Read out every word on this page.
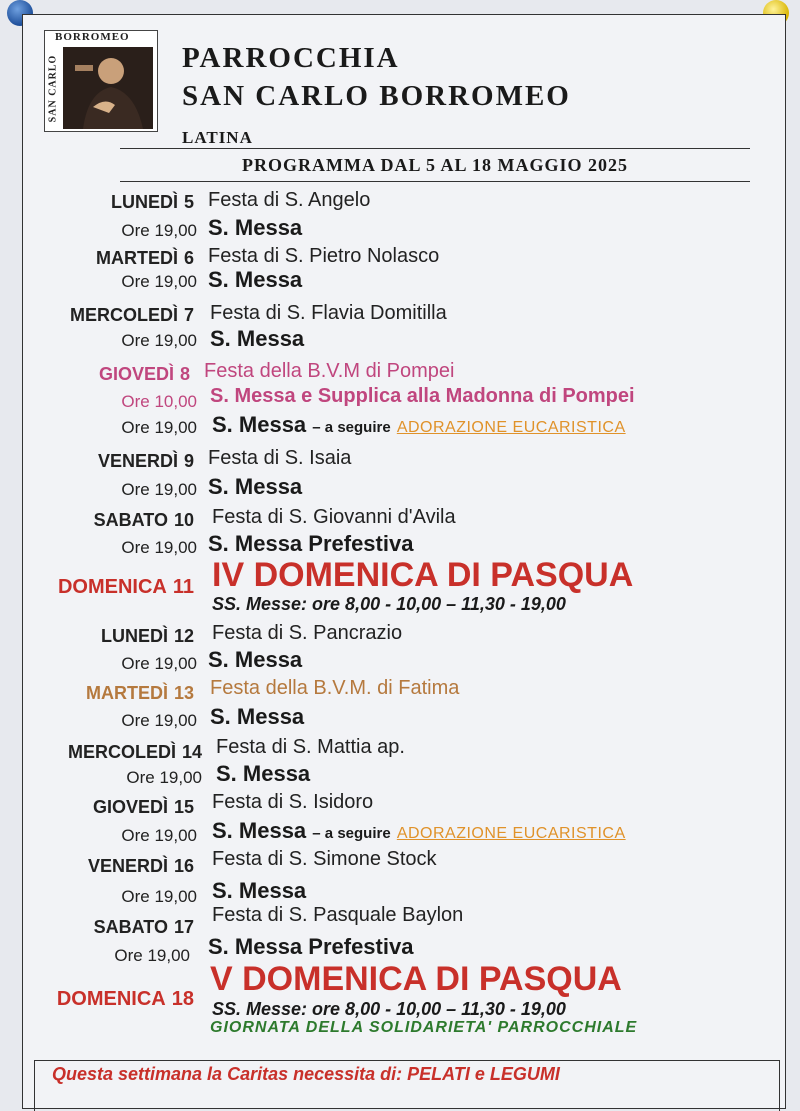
BORROMEO
SAN CARLO	PARROCCHIA
SAN CARLO BORROMEO
LATINA
PROGRAMMA DAL 5 AL 18 MAGGIO 2025
LUNEDÌ 5 Festa di S. Angelo
Ore 19,00 S. Messa
MARTEDÌ 6 Festa di S. Pietro Nolasco
Ore 19,00 S. Messa
MERCOLEDÌ 7 Festa di S. Flavia Domitilla
Ore 19,00 S. Messa
GIOVEDÌ 8 Festa della B.V.M di Pompei
Ore 10,00 S. Messa e Supplica alla Madonna di Pompei
Ore 19,00 S. Messa – a seguire ADORAZIONE EUCARISTICA
VENERDÌ 9 Festa di S. Isaia
Ore 19,00 S. Messa
SABATO 10 Festa di S. Giovanni d'Avila
Ore 19,00 S. Messa Prefestiva
DOMENICA 11 IV DOMENICA DI PASQUA
SS. Messe: ore 8,00 - 10,00 – 11,30 - 19,00
LUNEDÌ 12 Festa di S. Pancrazio
Ore 19,00 S. Messa
MARTEDÌ 13 Festa della B.V.M. di Fatima
Ore 19,00 S. Messa
MERCOLEDÌ 14 Festa di S. Mattia ap.
Ore 19,00 S. Messa
GIOVEDÌ 15 Festa di S. Isidoro
Ore 19,00 S. Messa – a seguire ADORAZIONE EUCARISTICA
VENERDÌ 16 Festa di S. Simone Stock
Ore 19,00 S. Messa
SABATO 17
Festa di S. Pasquale Baylon
Ore 19,00 S. Messa Prefestiva
DOMENICA 18
V DOMENICA DI PASQUA
SS. Messe: ore 8,00 - 10,00 – 11,30 - 19,00
GIORNATA DELLA SOLIDARIETA' PARROCCHIALE
Questa settimana la Caritas necessita di: PELATI e LEGUMI
